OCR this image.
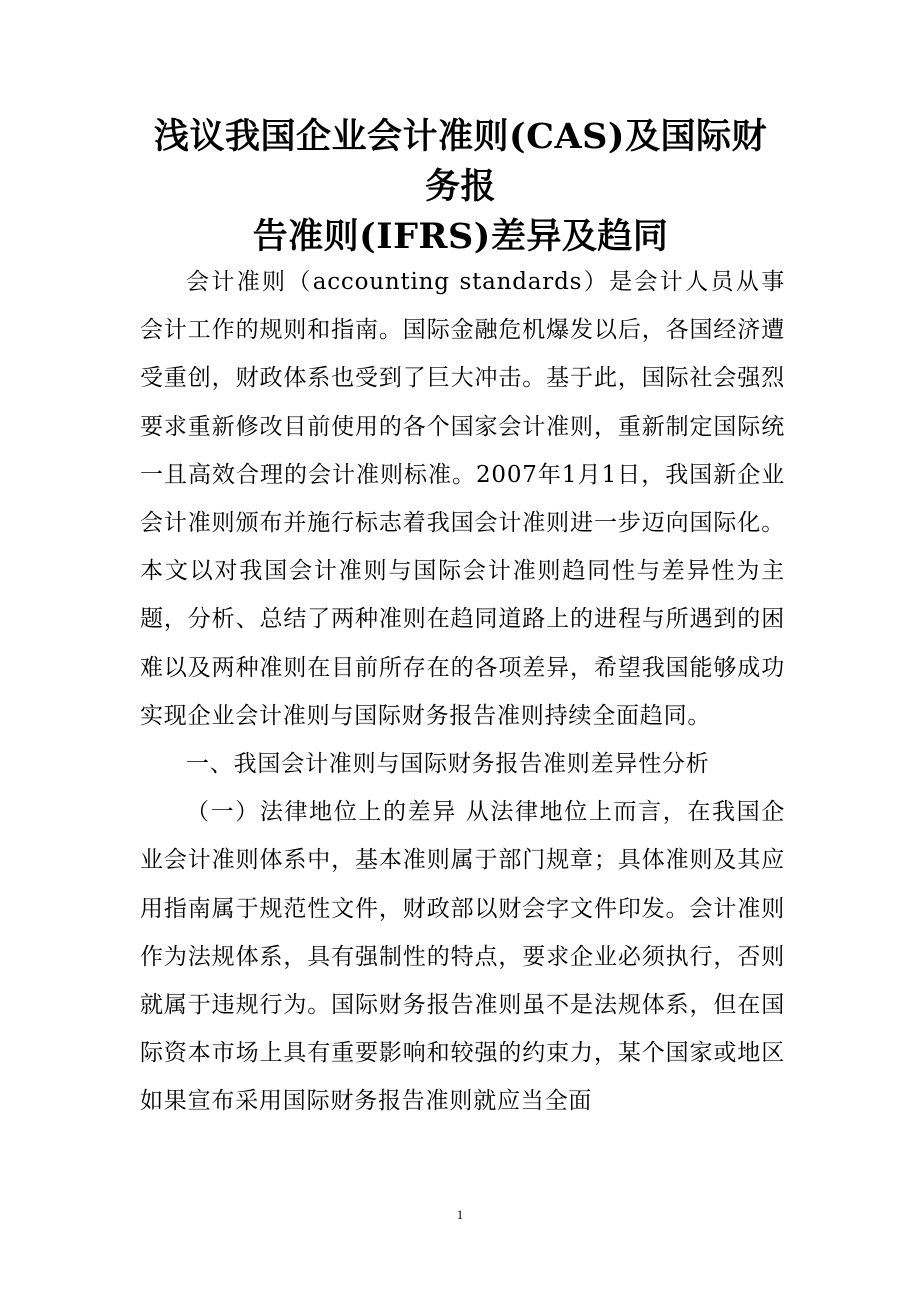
浅议我国企业会计准则(CAS)及国际财务报
告准则(IFRS)差异及趋同

会计准则（accounting standards）是会计人员从事会计工作的规则和指南。国际金融危机爆发以后，各国经济遭受重创，财政体系也受到了巨大冲击。基于此，国际社会强烈要求重新修改目前使用的各个国家会计准则，重新制定国际统一且高效合理的会计准则标准。2007年1月1日，我国新企业会计准则颁布并施行标志着我国会计准则进一步迈向国际化。本文以对我国会计准则与国际会计准则趋同性与差异性为主题，分析、总结了两种准则在趋同道路上的进程与所遇到的困难以及两种准则在目前所存在的各项差异，希望我国能够成功实现企业会计准则与国际财务报告准则持续全面趋同。

一、我国会计准则与国际财务报告准则差异性分析

（一）法律地位上的差异 从法律地位上而言，在我国企业会计准则体系中，基本准则属于部门规章；具体准则及其应用指南属于规范性文件，财政部以财会字文件印发。会计准则作为法规体系，具有强制性的特点，要求企业必须执行，否则就属于违规行为。国际财务报告准则虽不是法规体系，但在国际资本市场上具有重要影响和较强的约束力，某个国家或地区如果宣布采用国际财务报告准则就应当全面

1
